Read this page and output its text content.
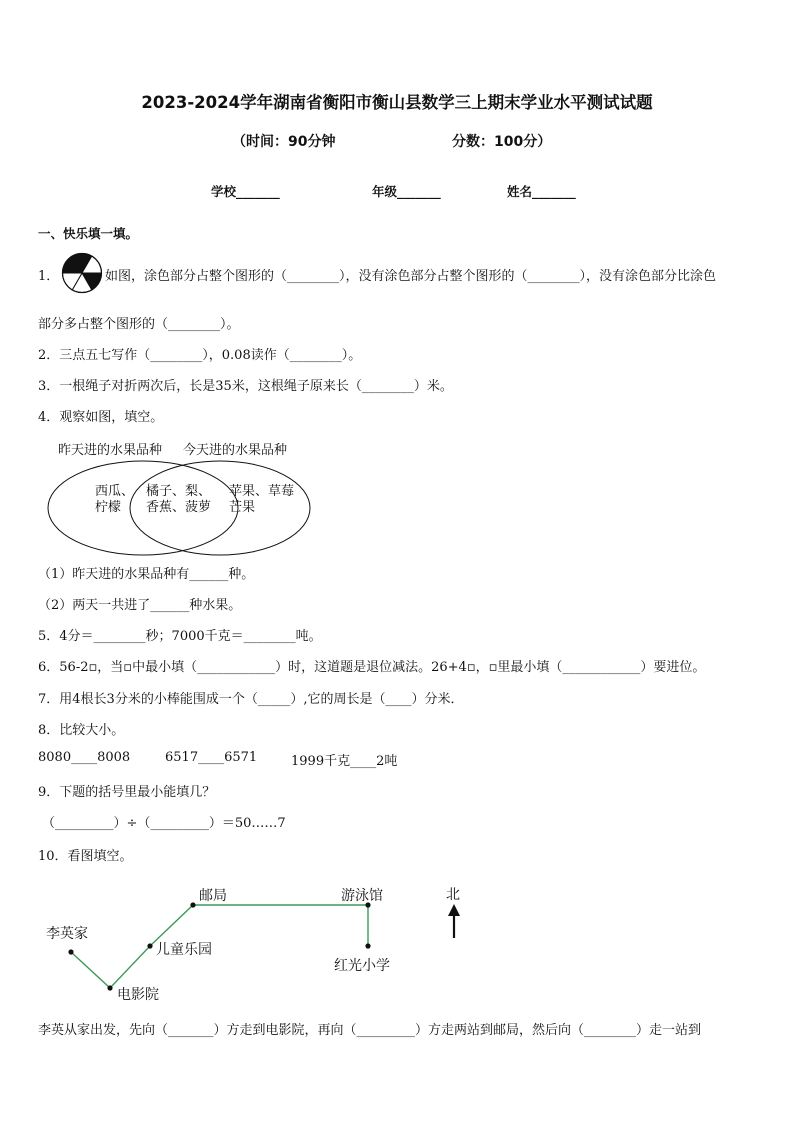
2023-2024学年湖南省衡阳市衡山县数学三上期末学业水平测试试题
（时间：90分钟	分数：100分）
学校_______	年级_______	姓名_______
一、快乐填一填。
1．	如图，涂色部分占整个图形的（________），没有涂色部分占整个图形的（________），没有涂色部分比涂色
部分多占整个图形的（________）。
2．三点五七写作（________），0.08读作（________）。
3．一根绳子对折两次后，长是35米，这根绳子原来长（________）米。
4．观察如图，填空。
昨天进的水果品种 今天进的水果品种
西瓜、
柠檬
橘子、梨、
香蕉、菠萝
苹果、草莓
芒果
（1）昨天进的水果品种有______种。
（2）两天一共进了______种水果。
5．4分＝________秒；7000千克＝________吨。
6．56-2▫，当▫中最小填（____________）时，这道题是退位减法。26+4▫，▫里最小填（____________）要进位。
7．用4根长3分米的小棒能围成一个（_____）,它的周长是（____）分米．
8．比较大小。
8080____8008	6517____6571	1999千克____2吨
9．下题的括号里最小能填几？
（_________）÷（_________）＝50……7
10．看图填空。
李英家
电影院
儿童乐园
邮局	游泳馆
红光小学
北
李英从家出发，先向（_______）方走到电影院，再向（_________）方走两站到邮局，然后向（________）走一站到
